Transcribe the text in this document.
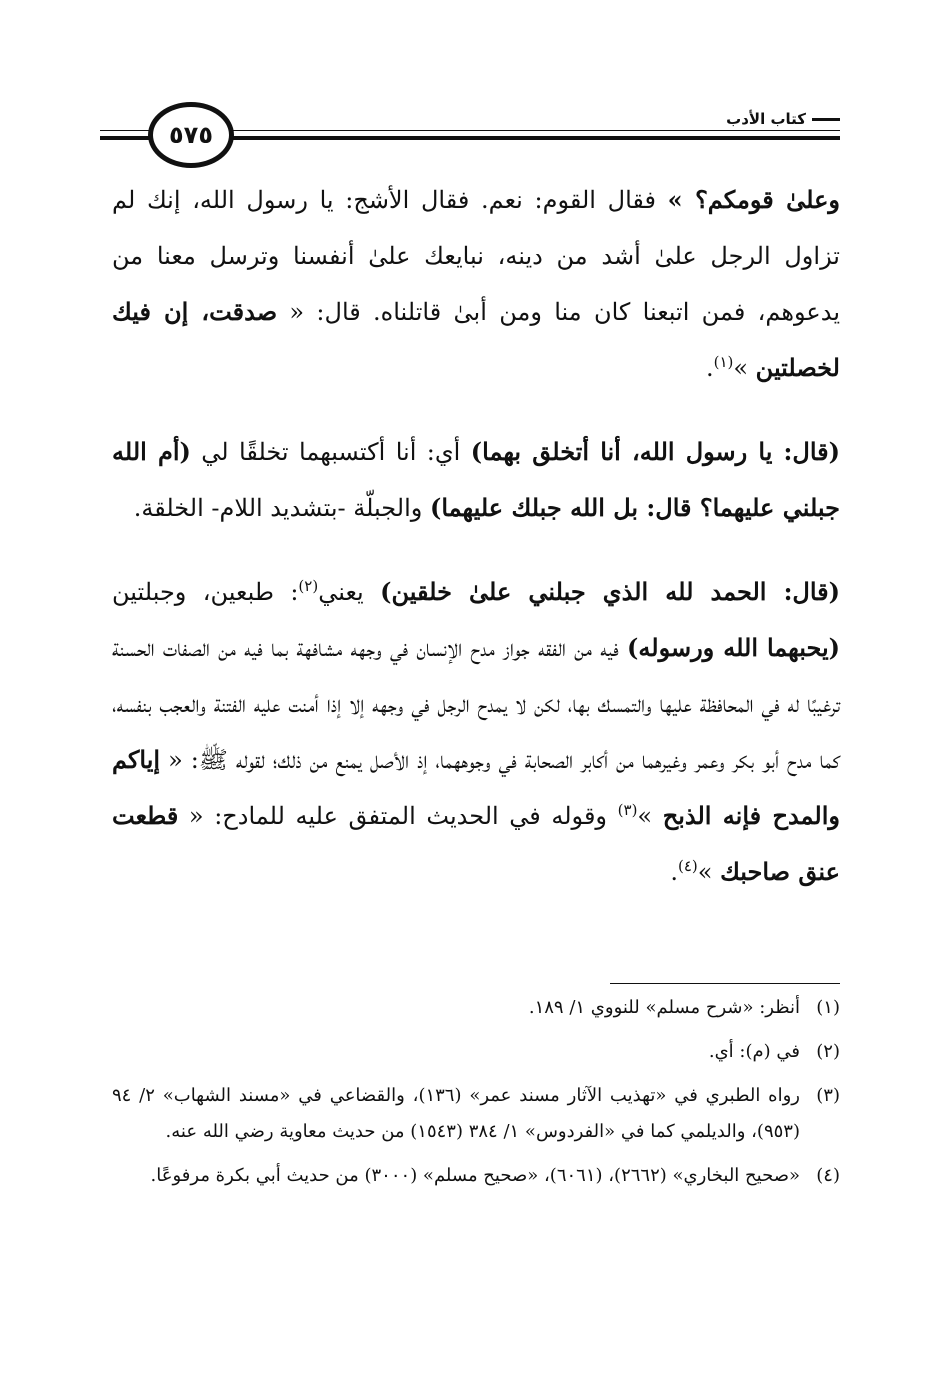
٥٧٥
كتاب الأدب

وعلىٰ قومكم؟ » فقال القوم: نعم. فقال الأشج: يا رسول الله، إنك لم تزاول الرجل علىٰ أشد من دينه، نبايعك علىٰ أنفسنا وترسل معنا من يدعوهم، فمن اتبعنا كان منا ومن أبىٰ قاتلناه. قال: « صدقت، إن فيك لخصلتين »$^{(١)}$.

(قال: يا رسول الله، أنا أتخلق بهما) أي: أنا أكتسبهما تخلقًا لي (أم الله جبلني عليهما؟ قال: بل الله جبلك عليهما) والجبلّة -بتشديد اللام- الخلقة.

(قال: الحمد لله الذي جبلني علىٰ خلقين) يعني$^{(٢)}$: طبعين، وجبلتين (يحبهما الله ورسوله) فيه من الفقه جواز مدح الإنسان في وجهه مشافهة بما فيه من الصفات الحسنة ترغيبًا له في المحافظة عليها والتمسك بها، لكن لا يمدح الرجل في وجهه إلا إذا أمنت عليه الفتنة والعجب بنفسه، كما مدح أبو بكر وعمر وغيرهما من أكابر الصحابة في وجوههما، إذ الأصل يمنع من ذلك؛ لقوله ﷺ: « إياكم والمدح فإنه الذبح »$^{(٣)}$ وقوله في الحديث المتفق عليه للمادح: « قطعت عنق صاحبك »$^{(٤)}$.

(١)
أنظر: «شرح مسلم» للنووي ١/ ١٨٩.
(٢)
في (م): أي.
(٣)
رواه الطبري في «تهذيب الآثار مسند عمر» (١٣٦)، والقضاعي في «مسند الشهاب» ٢/ ٩٤ (٩٥٣)، والديلمي كما في «الفردوس» ١/ ٣٨٤ (١٥٤٣) من حديث معاوية رضي الله عنه.
(٤)
«صحيح البخاري» (٢٦٦٢)، (٦٠٦١)، «صحيح مسلم» (٣٠٠٠) من حديث أبي بكرة مرفوعًا.
